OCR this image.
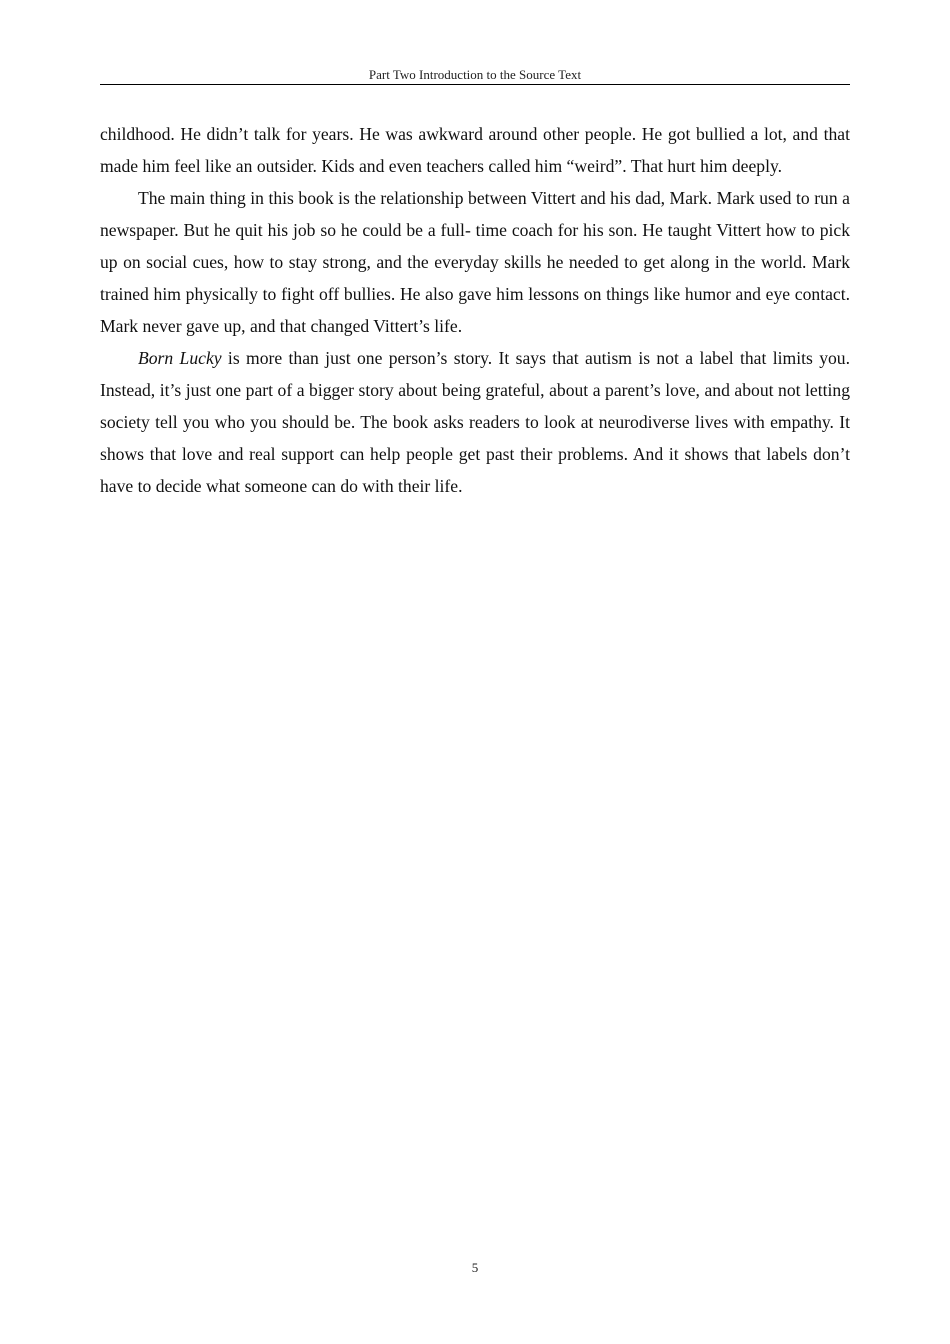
Part Two Introduction to the Source Text

childhood. He didn’t talk for years. He was awkward around other people. He got bullied a lot, and that made him feel like an outsider. Kids and even teachers called him “weird”. That hurt him deeply.

The main thing in this book is the relationship between Vittert and his dad, Mark. Mark used to run a newspaper. But he quit his job so he could be a full- time coach for his son. He taught Vittert how to pick up on social cues, how to stay strong, and the everyday skills he needed to get along in the world. Mark trained him physically to fight off bullies. He also gave him lessons on things like humor and eye contact. Mark never gave up, and that changed Vittert’s life.

Born Lucky is more than just one person’s story. It says that autism is not a label that limits you. Instead, it’s just one part of a bigger story about being grateful, about a parent’s love, and about not letting society tell you who you should be. The book asks readers to look at neurodiverse lives with empathy. It shows that love and real support can help people get past their problems. And it shows that labels don’t have to decide what someone can do with their life.

5
